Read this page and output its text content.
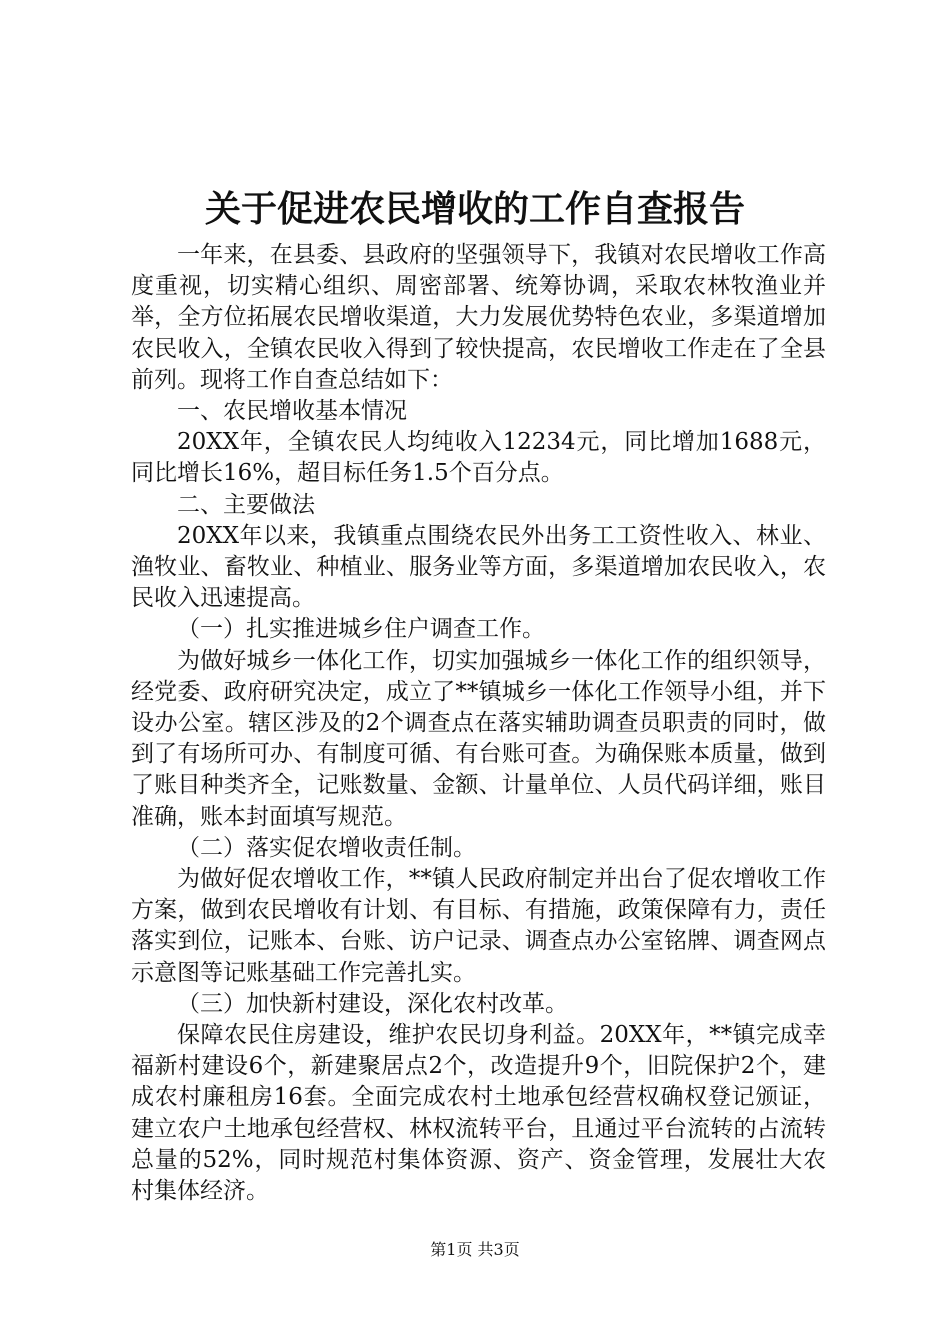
关于促进农民增收的工作自查报告

一年来，在县委、县政府的坚强领导下，我镇对农民增收工作高度重视，切实精心组织、周密部署、统筹协调，采取农林牧渔业并举，全方位拓展农民增收渠道，大力发展优势特色农业，多渠道增加农民收入，全镇农民收入得到了较快提高，农民增收工作走在了全县前列。现将工作自查总结如下：

一、农民增收基本情况

20XX年，全镇农民人均纯收入12234元，同比增加1688元，同比增长16%，超目标任务1.5个百分点。

二、主要做法

20XX年以来，我镇重点围绕农民外出务工工资性收入、林业、渔牧业、畜牧业、种植业、服务业等方面，多渠道增加农民收入，农民收入迅速提高。

（一）扎实推进城乡住户调查工作。

为做好城乡一体化工作，切实加强城乡一体化工作的组织领导，经党委、政府研究决定，成立了**镇城乡一体化工作领导小组，并下设办公室。辖区涉及的2个调查点在落实辅助调查员职责的同时，做到了有场所可办、有制度可循、有台账可查。为确保账本质量，做到了账目种类齐全，记账数量、金额、计量单位、人员代码详细，账目准确，账本封面填写规范。

（二）落实促农增收责任制。

为做好促农增收工作，**镇人民政府制定并出台了促农增收工作方案，做到农民增收有计划、有目标、有措施，政策保障有力，责任落实到位，记账本、台账、访户记录、调查点办公室铭牌、调查网点示意图等记账基础工作完善扎实。

（三）加快新村建设，深化农村改革。

保障农民住房建设，维护农民切身利益。20XX年，**镇完成幸福新村建设6个，新建聚居点2个，改造提升9个，旧院保护2个，建成农村廉租房16套。全面完成农村土地承包经营权确权登记颁证，建立农户土地承包经营权、林权流转平台，且通过平台流转的占流转总量的52%，同时规范村集体资源、资产、资金管理，发展壮大农村集体经济。

第1页 共3页
